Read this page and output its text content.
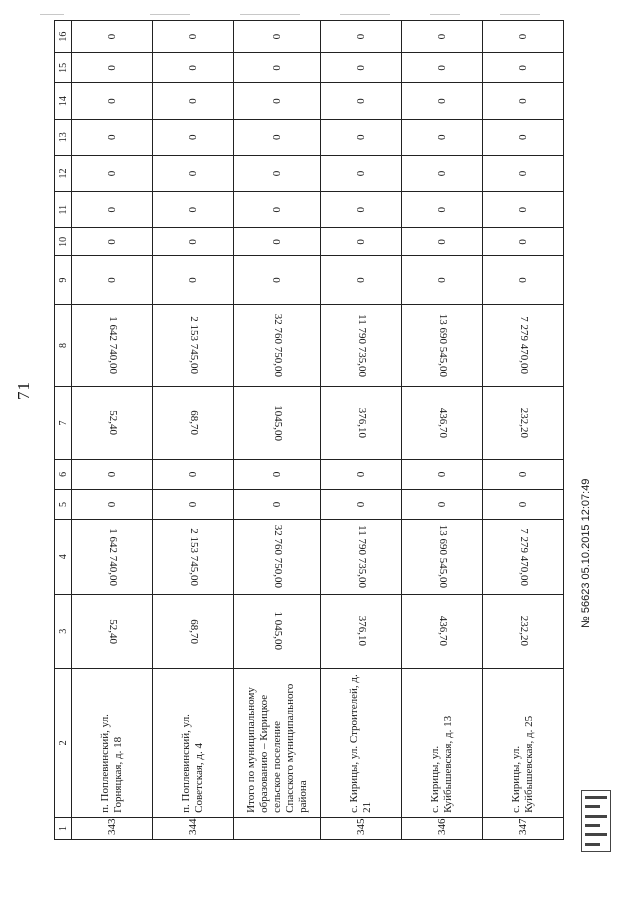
71
1	2	3	4	5	6	7	8	9	10	11	12	13	14	15	16
343	п. Поплевинский, ул. Горняцкая, д. 18	52,40	1 642 740,00	0	0	52,40	1 642 740,00	0	0	0	0	0	0	0	0
344	п. Поплевинский, ул. Советская, д. 4	68,70	2 153 745,00	0	0	68,70	2 153 745,00	0	0	0	0	0	0	0	0
	Итого по муниципальному образованию – Кирицкое сельское поселение Спасского муниципального района	1 045,00	32 760 750,00	0	0	1045,00	32 760 750,00	0	0	0	0	0	0	0	0
345	с. Кирицы, ул. Строителей, д. 21	376,10	11 790 735,00	0	0	376,10	11 790 735,00	0	0	0	0	0	0	0	0
346	с. Кирицы, ул. Куйбышевская, д. 13	436,70	13 690 545,00	0	0	436,70	13 690 545,00	0	0	0	0	0	0	0	0
347	с. Кирицы, ул. Куйбышевская, д. 25	232,20	7 279 470,00	0	0	232,20	7 279 470,00	0	0	0	0	0	0	0	0
№ 56623 05.10.2015 12:07:49
